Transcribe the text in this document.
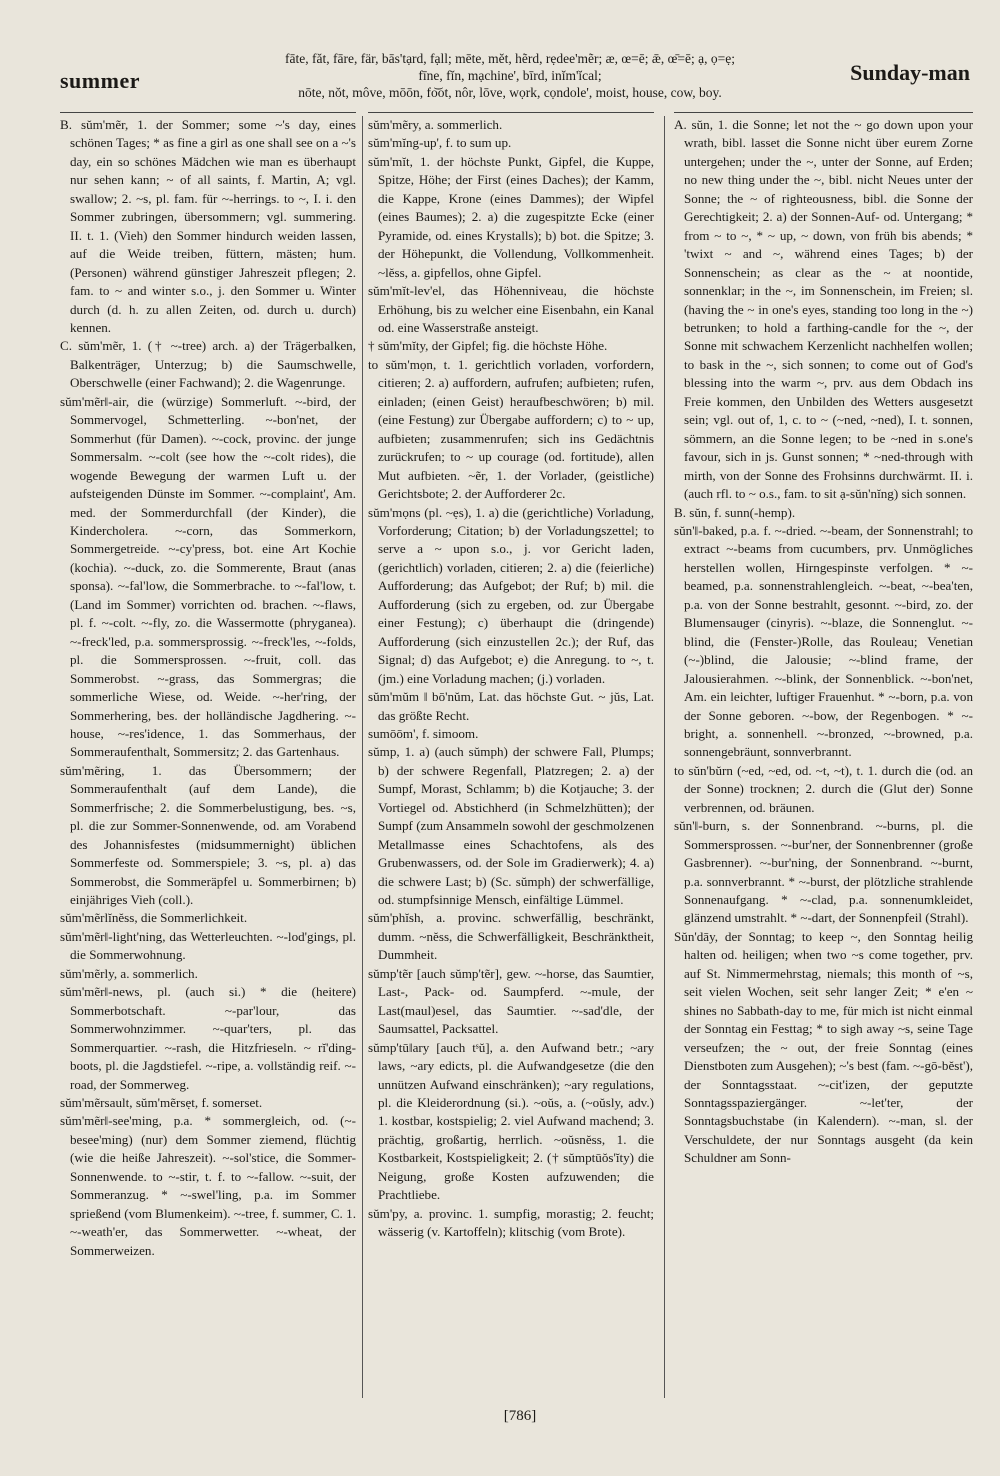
summer
fāte, făt, fāre, fär, bās'tạrd, fạll; mēte, mĕt, hẽrd, rẹdee'mẽr; æ, œ=ē; ǣ, œ̄=ē; ạ, ọ=ẹ;
fīne, fĭn, mạchine', bīrd, inĭm'ĭcal;
nōte, nŏt, môve, mōōn, fo͝ot, nôr, lōve, wọrk, cọndole', moist, house, cow, boy.
Sunday-man

B. sŭm'mẽr, 1. der Sommer; some ~'s day, eines schönen Tages; * as fine a girl as one shall see on a ~'s day, ein so schönes Mädchen wie man es überhaupt nur sehen kann; ~ of all saints, f. Martin, A; vgl. swallow; 2. ~s, pl. fam. für ~-herrings. to ~, I. i. den Sommer zubringen, übersommern; vgl. summering. II. t. 1. (Vieh) den Sommer hindurch weiden lassen, auf die Weide treiben, füttern, mästen; hum. (Personen) während günstiger Jahreszeit pflegen; 2. fam. to ~ and winter s.o., j. den Sommer u. Winter durch (d. h. zu allen Zeiten, od. durch u. durch) kennen.

C. sŭm'mẽr, 1. († ~-tree) arch. a) der Trägerbalken, Balkenträger, Unterzug; b) die Saumschwelle, Oberschwelle (einer Fachwand); 2. die Wagenrunge.

sŭm'mẽr‖-air, die (würzige) Sommerluft. ~-bird, der Sommervogel, Schmetterling. ~-bon'net, der Sommerhut (für Damen). ~-cock, provinc. der junge Sommersalm. ~-colt (see how the ~-colt rides), die wogende Bewegung der warmen Luft u. der aufsteigenden Dünste im Sommer. ~-complaint', Am. med. der Sommerdurchfall (der Kinder), die Kindercholera. ~-corn, das Sommerkorn, Sommergetreide. ~-cy'press, bot. eine Art Kochie (kochia). ~-duck, zo. die Sommerente, Braut (anas sponsa). ~-fal'low, die Sommerbrache. to ~-fal'low, t. (Land im Sommer) vorrichten od. brachen. ~-flaws, pl. f. ~-colt. ~-fly, zo. die Wassermotte (phryganea). ~-freck'led, p.a. sommersprossig. ~-freck'les, ~-folds, pl. die Sommersprossen. ~-fruit, coll. das Sommerobst. ~-grass, das Sommergras; die sommerliche Wiese, od. Weide. ~-her'ring, der Sommerhering, bes. der holländische Jagdhering. ~-house, ~-res'idence, 1. das Sommerhaus, der Sommeraufenthalt, Sommersitz; 2. das Gartenhaus.

sŭm'mẽring, 1. das Übersommern; der Sommeraufenthalt (auf dem Lande), die Sommerfrische; 2. die Sommerbelustigung, bes. ~s, pl. die zur Sommer-Sonnenwende, od. am Vorabend des Johannisfestes (midsummernight) üblichen Sommerfeste od. Sommerspiele; 3. ~s, pl. a) das Sommerobst, die Sommeräpfel u. Sommerbirnen; b) einjähriges Vieh (coll.).

sŭm'mẽrlĭnĕss, die Sommerlichkeit.

sŭm'mẽr‖-light'ning, das Wetterleuchten. ~-lod'gings, pl. die Sommerwohnung.

sŭm'mẽrly, a. sommerlich.

sŭm'mẽr‖-news, pl. (auch si.) * die (heitere) Sommerbotschaft. ~-par'lour, das Sommerwohnzimmer. ~-quar'ters, pl. das Sommerquartier. ~-rash, die Hitzfrieseln. ~ rĭ'ding-boots, pl. die Jagdstiefel. ~-ripe, a. vollständig reif. ~-road, der Sommerweg.

sŭm'mẽrsault, sŭm'mẽrsẹt, f. somerset.

sŭm'mẽr‖-see'ming, p.a. * sommergleich, od. (~-besee'ming) (nur) dem Sommer ziemend, flüchtig (wie die heiße Jahreszeit). ~-sol'stice, die Sommer-Sonnenwende. to ~-stir, t. f. to ~-fallow. ~-suit, der Sommeranzug. * ~-swel'ling, p.a. im Sommer sprießend (vom Blumenkeim). ~-tree, f. summer, C. 1. ~-weath'er, das Sommerwetter. ~-wheat, der Sommerweizen.

sŭm'mẽry, a. sommerlich.

sŭm'mĭng-up', f. to sum up.

sŭm'mĭt, 1. der höchste Punkt, Gipfel, die Kuppe, Spitze, Höhe; der First (eines Daches); der Kamm, die Kappe, Krone (eines Dammes); der Wipfel (eines Baumes); 2. a) die zugespitzte Ecke (einer Pyramide, od. eines Krystalls); b) bot. die Spitze; 3. der Höhepunkt, die Vollendung, Vollkommenheit. ~lĕss, a. gipfellos, ohne Gipfel.

sŭm'mĭt-lev'el, das Höhenniveau, die höchste Erhöhung, bis zu welcher eine Eisenbahn, ein Kanal od. eine Wasserstraße ansteigt.

† sŭm'mĭty, der Gipfel; fig. die höchste Höhe.

to sŭm'mọn, t. 1. gerichtlich vorladen, vorfordern, citieren; 2. a) auffordern, aufrufen; aufbieten; rufen, einladen; (einen Geist) heraufbeschwören; b) mil. (eine Festung) zur Übergabe auffordern; c) to ~ up, aufbieten; zusammenrufen; sich ins Gedächtnis zurückrufen; to ~ up courage (od. fortitude), allen Mut aufbieten. ~ẽr, 1. der Vorlader, (geistliche) Gerichtsbote; 2. der Aufforderer 2c.

sŭm'mọns (pl. ~ẹs), 1. a) die (gerichtliche) Vorladung, Vorforderung; Citation; b) der Vorladungszettel; to serve a ~ upon s.o., j. vor Gericht laden, (gerichtlich) vorladen, citieren; 2. a) die (feierliche) Aufforderung; das Aufgebot; der Ruf; b) mil. die Aufforderung (sich zu ergeben, od. zur Übergabe einer Festung); c) überhaupt die (dringende) Aufforderung (sich einzustellen 2c.); der Ruf, das Signal; d) das Aufgebot; e) die Anregung. to ~, t. (jm.) eine Vorladung machen; (j.) vorladen.

sŭm'mŭm ‖ bō'nŭm, Lat. das höchste Gut. ~ jŭs, Lat. das größte Recht.

sumōōm', f. simoom.

sŭmp, 1. a) (auch sŭmph) der schwere Fall, Plumps; b) der schwere Regenfall, Platzregen; 2. a) der Sumpf, Morast, Schlamm; b) die Kotjauche; 3. der Vortiegel od. Abstichherd (in Schmelzhütten); der Sumpf (zum Ansammeln sowohl der geschmolzenen Metallmasse eines Schachtofens, als des Grubenwassers, od. der Sole im Gradierwerk); 4. a) die schwere Last; b) (Sc. sŭmph) der schwerfällige, od. stumpfsinnige Mensch, einfältige Lümmel.

sŭm'phĭsh, a. provinc. schwerfällig, beschränkt, dumm. ~nĕss, die Schwerfälligkeit, Beschränktheit, Dummheit.

sŭmp'tẽr [auch sŭmp'tẽr], gew. ~-horse, das Saumtier, Last-, Pack- od. Saumpferd. ~-mule, der Last(maul)esel, das Saumtier. ~-sad'dle, der Saumsattel, Packsattel.

sŭmp'tū‖ary [auch tˢŭ], a. den Aufwand betr.; ~ary laws, ~ary edicts, pl. die Aufwandgesetze (die den unnützen Aufwand einschränken); ~ary regulations, pl. die Kleiderordnung (si.). ~oŭs, a. (~oŭsly, adv.) 1. kostbar, kostspielig; 2. viel Aufwand machend; 3. prächtig, großartig, herrlich. ~oŭsnĕss, 1. die Kostbarkeit, Kostspieligkeit; 2. († sŭmptūŏs'ĭty) die Neigung, große Kosten aufzuwenden; die Prachtliebe.

sŭm'py, a. provinc. 1. sumpfig, morastig; 2. feucht; wässerig (v. Kartoffeln); klitschig (vom Brote).

A. sŭn, 1. die Sonne; let not the ~ go down upon your wrath, bibl. lasset die Sonne nicht über eurem Zorne untergehen; under the ~, unter der Sonne, auf Erden; no new thing under the ~, bibl. nicht Neues unter der Sonne; the ~ of righteousness, bibl. die Sonne der Gerechtigkeit; 2. a) der Sonnen-Auf- od. Untergang; * from ~ to ~, * ~ up, ~ down, von früh bis abends; * 'twixt ~ and ~, während eines Tages; b) der Sonnenschein; as clear as the ~ at noontide, sonnenklar; in the ~, im Sonnenschein, im Freien; sl. (having the ~ in one's eyes, standing too long in the ~) betrunken; to hold a farthing-candle for the ~, der Sonne mit schwachem Kerzenlicht nachhelfen wollen; to bask in the ~, sich sonnen; to come out of God's blessing into the warm ~, prv. aus dem Obdach ins Freie kommen, den Unbilden des Wetters ausgesetzt sein; vgl. out of, 1, c. to ~ (~ned, ~ned), I. t. sonnen, sömmern, an die Sonne legen; to be ~ned in s.one's favour, sich in js. Gunst sonnen; * ~ned-through with mirth, von der Sonne des Frohsinns durchwärmt. II. i. (auch rfl. to ~ o.s., fam. to sit ạ-sŭn'nĭng) sich sonnen.

B. sŭn, f. sunn(-hemp).

sŭn'‖-baked, p.a. f. ~-dried. ~-beam, der Sonnenstrahl; to extract ~-beams from cucumbers, prv. Unmögliches herstellen wollen, Hirngespinste verfolgen. * ~-beamed, p.a. sonnenstrahlengleich. ~-beat, ~-bea'ten, p.a. von der Sonne bestrahlt, gesonnt. ~-bird, zo. der Blumensauger (cinyris). ~-blaze, die Sonnenglut. ~-blind, die (Fenster-)Rolle, das Rouleau; Venetian (~-)blind, die Jalousie; ~-blind frame, der Jalousierahmen. ~-blink, der Sonnenblick. ~-bon'net, Am. ein leichter, luftiger Frauenhut. * ~-born, p.a. von der Sonne geboren. ~-bow, der Regenbogen. * ~-bright, a. sonnenhell. ~-bronzed, ~-browned, p.a. sonnengebräunt, sonnverbrannt.

to sŭn'bŭrn (~ed, ~ed, od. ~t, ~t), t. 1. durch die (od. an der Sonne) trocknen; 2. durch die (Glut der) Sonne verbrennen, od. bräunen.

sŭn'‖-burn, s. der Sonnenbrand. ~-burns, pl. die Sommersprossen. ~-bur'ner, der Sonnenbrenner (große Gasbrenner). ~-bur'ning, der Sonnenbrand. ~-burnt, p.a. sonnverbrannt. * ~-burst, der plötzliche strahlende Sonnenaufgang. * ~-clad, p.a. sonnenumkleidet, glänzend umstrahlt. * ~-dart, der Sonnenpfeil (Strahl).

Sŭn'dāy, der Sonntag; to keep ~, den Sonntag heilig halten od. heiligen; when two ~s come together, prv. auf St. Nimmermehrstag, niemals; this month of ~s, seit vielen Wochen, seit sehr langer Zeit; * e'en ~ shines no Sabbath-day to me, für mich ist nicht einmal der Sonntag ein Festtag; * to sigh away ~s, seine Tage verseufzen; the ~ out, der freie Sonntag (eines Dienstboten zum Ausgehen); ~'s best (fam. ~-gō-bĕst'), der Sonntagsstaat. ~-cit'izen, der geputzte Sonntagsspaziergänger. ~-let'ter, der Sonntagsbuchstabe (in Kalendern). ~-man, sl. der Verschuldete, der nur Sonntags ausgeht (da kein Schuldner am Sonn-

[786]
